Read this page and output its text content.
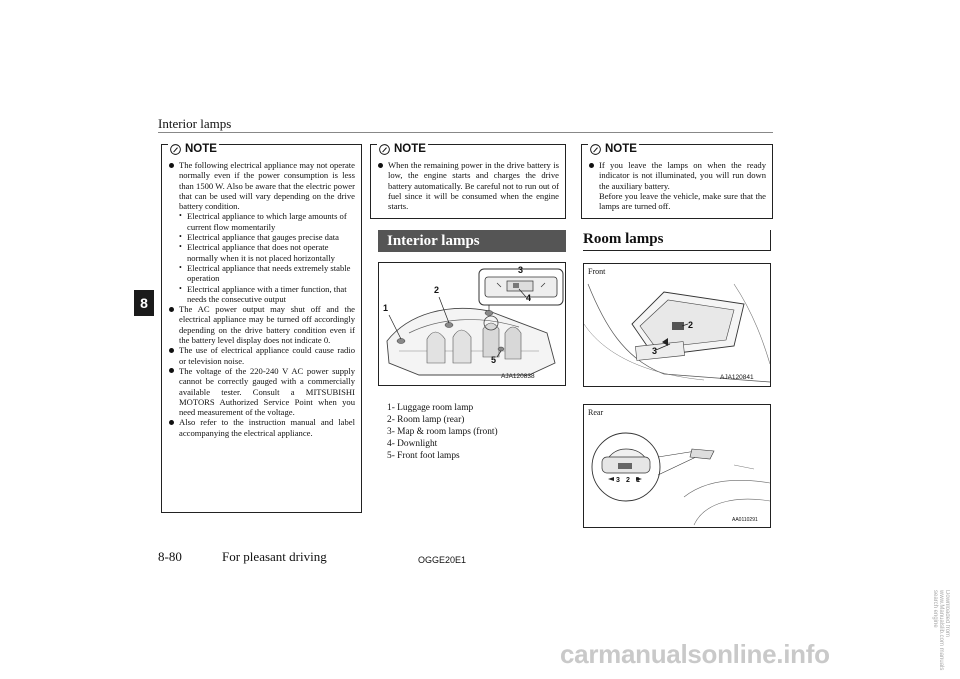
Interior lamps
8
NOTE

The following electrical appliance may not operate normally even if the power consumption is less than 1500 W. Also be aware that the electric power that can be used will vary depending on the drive battery condition.

• Electrical appliance to which large amounts of current flow momentarily

• Electrical appliance that gauges precise data

• Electrical appliance that does not operate normally when it is not placed horizontally

• Electrical appliance that needs extremely stable operation

• Electrical appliance with a timer function, that needs the consecutive output

The AC power output may shut off and the electrical appliance may be turned off accordingly depending on the drive battery condition even if the battery level display does not indicate 0.

The use of electrical appliance could cause radio or television noise.

The voltage of the 220-240 V AC power supply cannot be correctly gauged with a commercially available tester. Consult a MITSUBISHI MOTORS Authorized Service Point when you need measurement of the voltage.

Also refer to the instruction manual and label accompanying the electrical appliance.

NOTE

When the remaining power in the drive battery is low, the engine starts and charges the drive battery automatically. Be careful not to run out of fuel since it will be consumed when the engine starts.

NOTE

If you leave the lamps on when the ready indicator is not illuminated, you will run down the auxiliary battery.

Before you leave the vehicle, make sure that the lamps are turned off.

Interior lamps
1
2
3
4
5
AJA120838
1- Luggage room lamp
2- Room lamp (rear)
3- Map & room lamps (front)
4- Downlight
5- Front foot lamps
Room lamps
Front
2
3
AJA120841
Rear
3 2 1
AA0110291
8-80	For pleasant driving	OGGE20E1
carmanualsonline.info
Downloaded from www.Manualslib.com manuals search engine
